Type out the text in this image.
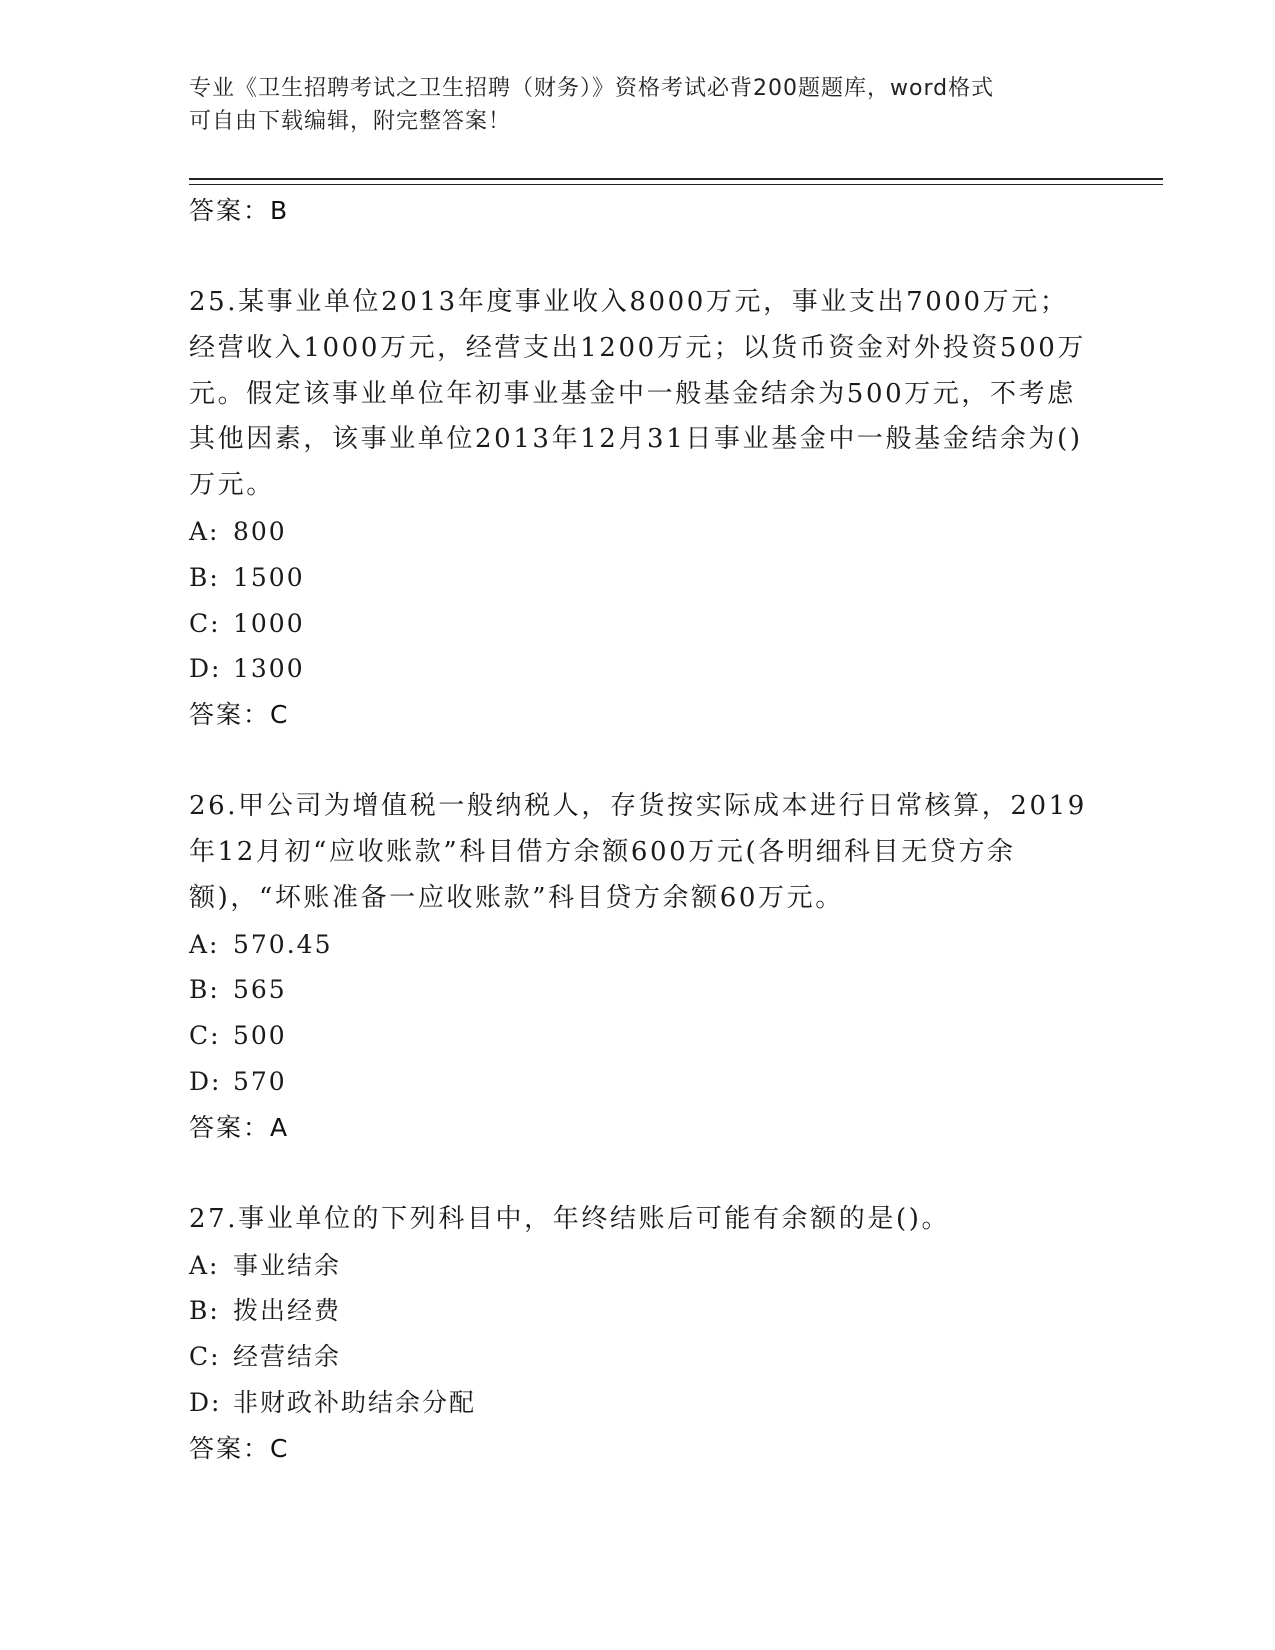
专业《卫生招聘考试之卫生招聘（财务）》资格考试必背200题题库，word格式
可自由下载编辑，附完整答案！
答案：B

25.某事业单位2013年度事业收入8000万元，事业支出7000万元；经营收入1000万元，经营支出1200万元；以货币资金对外投资500万元。假定该事业单位年初事业基金中一般基金结余为500万元，不考虑其他因素，该事业单位2013年12月31日事业基金中一般基金结余为()万元。

A: 800
B: 1500
C: 1000
D: 1300
答案：C

26.甲公司为增值税一般纳税人，存货按实际成本进行日常核算，2019年12月初“应收账款”科目借方余额600万元(各明细科目无贷方余额)，“坏账准备一应收账款”科目贷方余额60万元。

A: 570.45
B: 565
C: 500
D: 570
答案：A

27.事业单位的下列科目中，年终结账后可能有余额的是()。

A: 事业结余
B: 拨出经费
C: 经营结余
D: 非财政补助结余分配
答案：C
